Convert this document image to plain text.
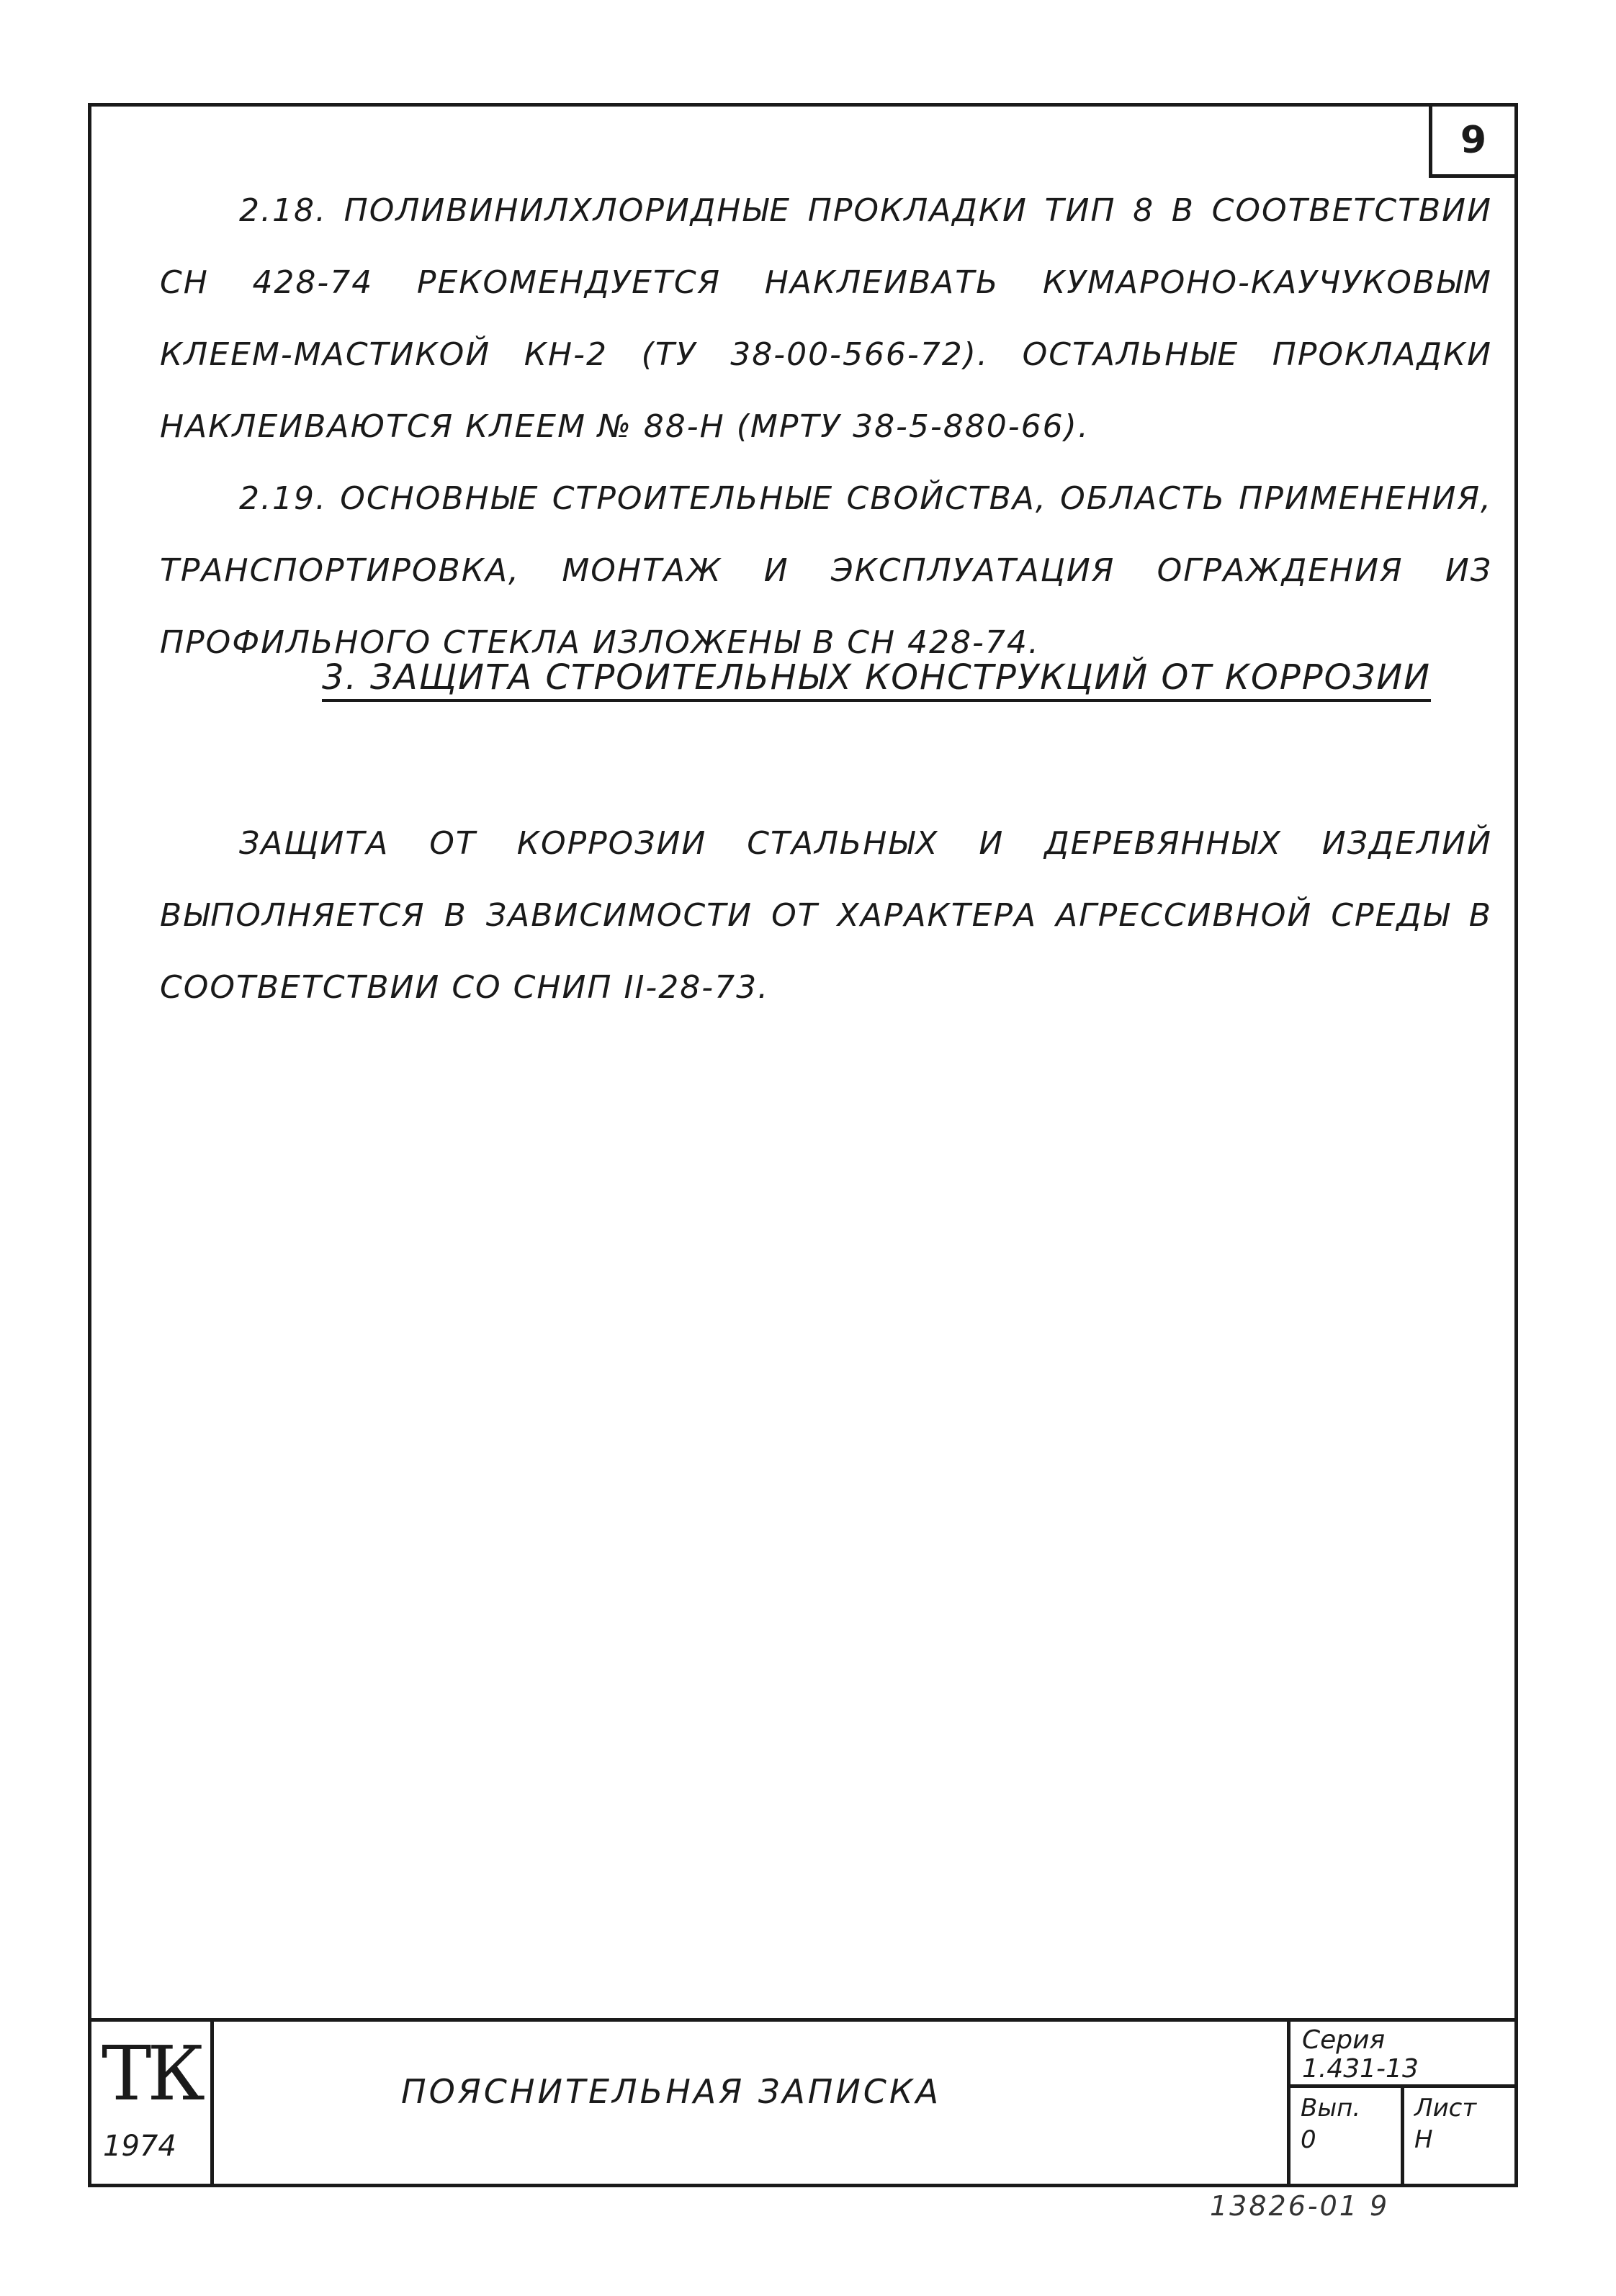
9

2.18. ПОЛИВИНИЛХЛОРИДНЫЕ ПРОКЛАДКИ ТИП 8 В СООТВЕТСТВИИ СН 428-74 РЕКОМЕНДУЕТСЯ НАКЛЕИВАТЬ КУМАРОНО-КАУЧУКОВЫМ КЛЕЕМ-МАСТИКОЙ КН-2 (ТУ 38-00-566-72). ОСТАЛЬНЫЕ ПРОКЛАДКИ НАКЛЕИВАЮТСЯ КЛЕЕМ № 88-Н (МРТУ 38-5-880-66).

2.19. ОСНОВНЫЕ СТРОИТЕЛЬНЫЕ СВОЙСТВА, ОБЛАСТЬ ПРИМЕНЕНИЯ, ТРАНСПОРТИРОВКА, МОНТАЖ И ЭКСПЛУАТАЦИЯ ОГРАЖДЕНИЯ ИЗ ПРОФИЛЬНОГО СТЕКЛА ИЗЛОЖЕНЫ В СН 428-74.

3. ЗАЩИТА СТРОИТЕЛЬНЫХ КОНСТРУКЦИЙ ОТ КОРРОЗИИ

ЗАЩИТА ОТ КОРРОЗИИ СТАЛЬНЫХ И ДЕРЕВЯННЫХ ИЗДЕЛИЙ ВЫПОЛНЯЕТСЯ В ЗАВИСИМОСТИ ОТ ХАРАКТЕРА АГРЕССИВНОЙ СРЕДЫ В СООТВЕТСТВИИ СО СНИП II-28-73.

ТК
1974
ПОЯСНИТЕЛЬНАЯ ЗАПИСКА
Серия
1.431-13
Вып.
0
Лист
Н
13826-01 9
